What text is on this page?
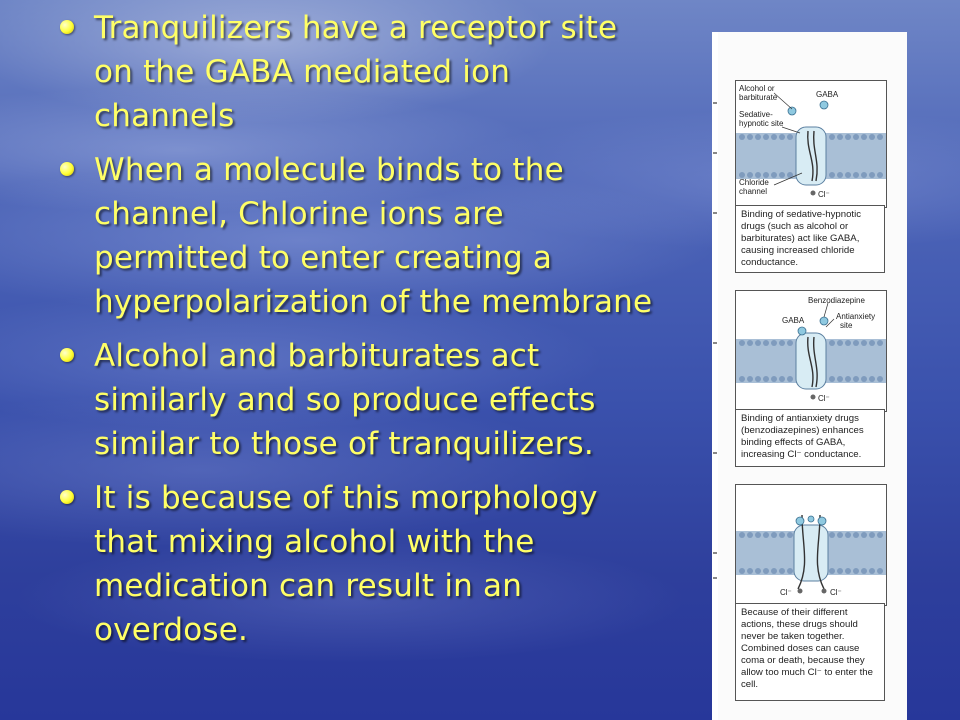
Tranquilizers have a receptor site on the GABA mediated ion channels
When a molecule binds to the channel, Chlorine ions are permitted to enter creating a hyperpolarization of the membrane
Alcohol and barbiturates act similarly and so produce effects similar to those of tranquilizers.
It is because of this morphology that mixing alcohol with the medication can result in an overdose.
Alcohol or
barbiturate	GABA
Sedative-
hypnotic site
Chloride
channel	Cl⁻
Binding of sedative-hypnotic drugs (such as alcohol or barbiturates) act like GABA, causing increased chloride conductance.
Benzodiazepine
GABA	Antianxiety
site
Cl⁻
Binding of antianxiety drugs (benzodiazepines) enhances binding effects of GABA, increasing Cl⁻ conductance.
Cl⁻	Cl⁻
Because of their different actions, these drugs should never be taken together. Combined doses can cause coma or death, because they allow too much Cl⁻ to enter the cell.
